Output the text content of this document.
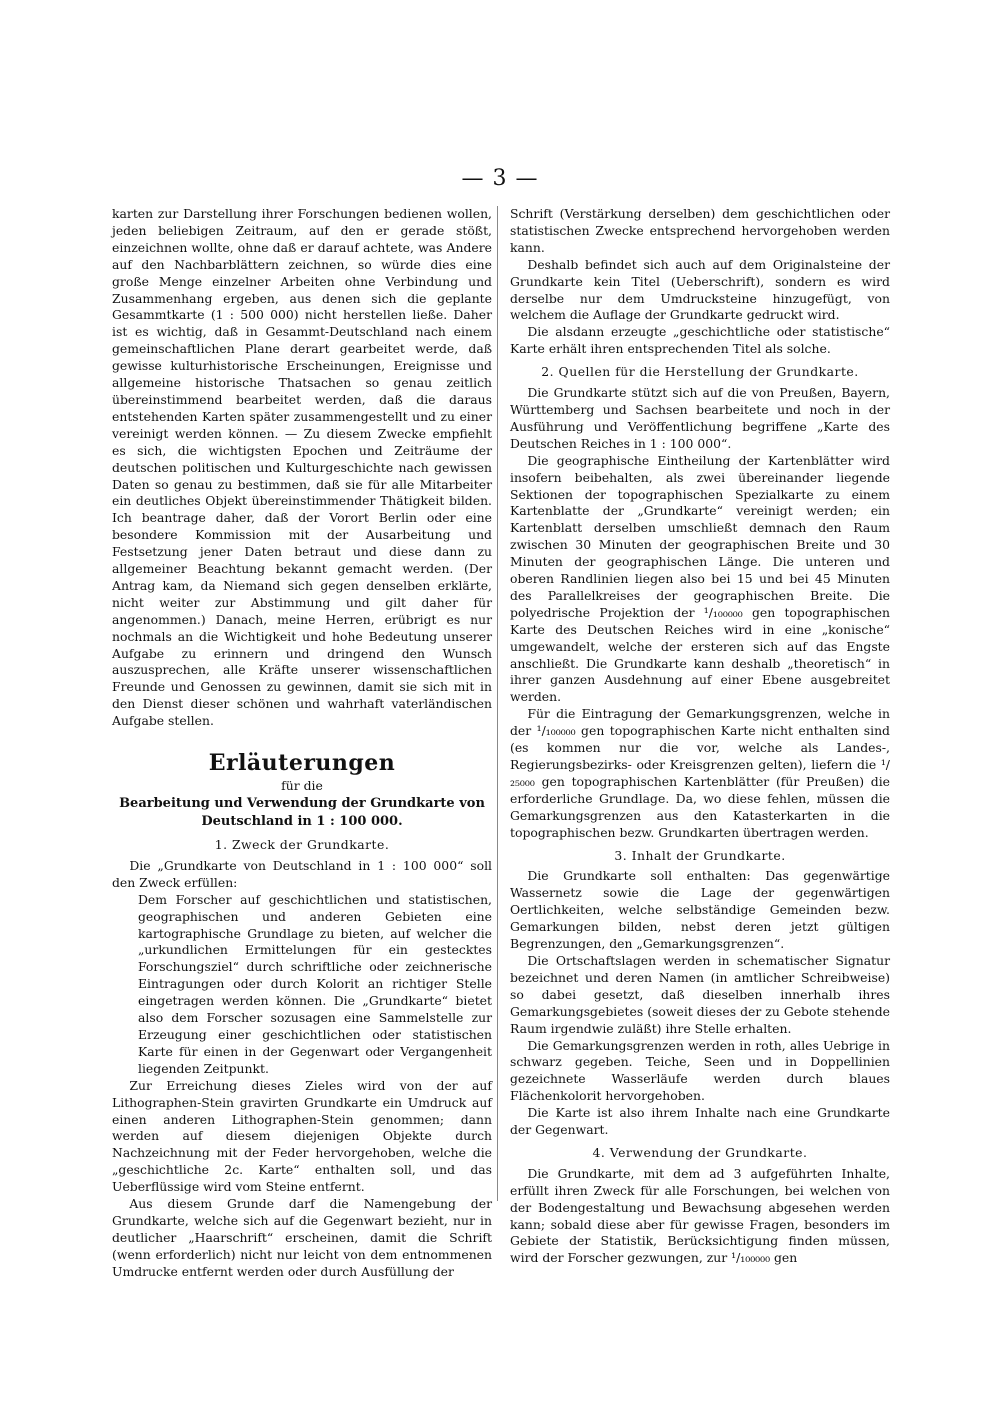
— 3 —

karten zur Darstellung ihrer Forschungen bedienen wollen, jeden beliebigen Zeitraum, auf den er gerade stößt, einzeichnen wollte, ohne daß er darauf achtete, was Andere auf den Nachbarblättern zeichnen, so würde dies eine große Menge einzelner Arbeiten ohne Verbindung und Zusammenhang ergeben, aus denen sich die geplante Gesammtkarte (1 : 500 000) nicht herstellen ließe. Daher ist es wichtig, daß in Gesammt-Deutschland nach einem gemeinschaftlichen Plane derart gearbeitet werde, daß gewisse kulturhistorische Erscheinungen, Ereignisse und allgemeine historische Thatsachen so genau zeitlich übereinstimmend bearbeitet werden, daß die daraus entstehenden Karten später zusammengestellt und zu einer vereinigt werden können. — Zu diesem Zwecke empfiehlt es sich, die wichtigsten Epochen und Zeiträume der deutschen politischen und Kulturgeschichte nach gewissen Daten so genau zu bestimmen, daß sie für alle Mitarbeiter ein deutliches Objekt übereinstimmender Thätigkeit bilden. Ich beantrage daher, daß der Vorort Berlin oder eine besondere Kommission mit der Ausarbeitung und Festsetzung jener Daten betraut und diese dann zu allgemeiner Beachtung bekannt gemacht werden. (Der Antrag kam, da Niemand sich gegen denselben erklärte, nicht weiter zur Abstimmung und gilt daher für angenommen.) Danach, meine Herren, erübrigt es nur nochmals an die Wichtigkeit und hohe Bedeutung unserer Aufgabe zu erinnern und dringend den Wunsch auszusprechen, alle Kräfte unserer wissenschaftlichen Freunde und Genossen zu gewinnen, damit sie sich mit in den Dienst dieser schönen und wahrhaft vaterländischen Aufgabe stellen.

Erläuterungen
für die
Bearbeitung und Verwendung der Grundkarte von
Deutschland in 1 : 100 000.
1. Zweck der Grundkarte.

Die „Grundkarte von Deutschland in 1 : 100 000“ soll den Zweck erfüllen:

Dem Forscher auf geschichtlichen und statistischen, geographischen und anderen Gebieten eine kartographische Grundlage zu bieten, auf welcher die „urkundlichen Ermittelungen für ein gestecktes Forschungsziel“ durch schriftliche oder zeichnerische Eintragungen oder durch Kolorit an richtiger Stelle eingetragen werden können. Die „Grundkarte“ bietet also dem Forscher sozusagen eine Sammelstelle zur Erzeugung einer geschichtlichen oder statistischen Karte für einen in der Gegenwart oder Vergangenheit liegenden Zeitpunkt.

Zur Erreichung dieses Zieles wird von der auf Lithographen-Stein gravirten Grundkarte ein Umdruck auf einen anderen Lithographen-Stein genommen; dann werden auf diesem diejenigen Objekte durch Nachzeichnung mit der Feder hervorgehoben, welche die „geschichtliche 2c. Karte“ enthalten soll, und das Ueberflüssige wird vom Steine entfernt.

Aus diesem Grunde darf die Namengebung der Grundkarte, welche sich auf die Gegenwart bezieht, nur in deutlicher „Haarschrift“ erscheinen, damit die Schrift (wenn erforderlich) nicht nur leicht von dem entnommenen Umdrucke entfernt werden oder durch Ausfüllung der

Schrift (Verstärkung derselben) dem geschichtlichen oder statistischen Zwecke entsprechend hervorgehoben werden kann.

Deshalb befindet sich auch auf dem Originalsteine der Grundkarte kein Titel (Ueberschrift), sondern es wird derselbe nur dem Umdrucksteine hinzugefügt, von welchem die Auflage der Grundkarte gedruckt wird.

Die alsdann erzeugte „geschichtliche oder statistische“ Karte erhält ihren entsprechenden Titel als solche.

2. Quellen für die Herstellung der Grundkarte.

Die Grundkarte stützt sich auf die von Preußen, Bayern, Württemberg und Sachsen bearbeitete und noch in der Ausführung und Veröffentlichung begriffene „Karte des Deutschen Reiches in 1 : 100 000“.

Die geographische Eintheilung der Kartenblätter wird insofern beibehalten, als zwei übereinander liegende Sektionen der topographischen Spezialkarte zu einem Kartenblatte der „Grundkarte“ vereinigt werden; ein Kartenblatt derselben umschließt demnach den Raum zwischen 30 Minuten der geographischen Breite und 30 Minuten der geographischen Länge. Die unteren und oberen Randlinien liegen also bei 15 und bei 45 Minuten des Parallelkreises der geographischen Breite. Die polyedrische Projektion der ¹/₁₀₀₀₀₀ gen topographischen Karte des Deutschen Reiches wird in eine „konische“ umgewandelt, welche der ersteren sich auf das Engste anschließt. Die Grundkarte kann deshalb „theoretisch“ in ihrer ganzen Ausdehnung auf einer Ebene ausgebreitet werden.

Für die Eintragung der Gemarkungsgrenzen, welche in der ¹/₁₀₀₀₀₀ gen topographischen Karte nicht enthalten sind (es kommen nur die vor, welche als Landes-, Regierungsbezirks- oder Kreisgrenzen gelten), liefern die ¹/₂₅₀₀₀ gen topographischen Kartenblätter (für Preußen) die erforderliche Grundlage. Da, wo diese fehlen, müssen die Gemarkungsgrenzen aus den Katasterkarten in die topographischen bezw. Grundkarten übertragen werden.

3. Inhalt der Grundkarte.

Die Grundkarte soll enthalten: Das gegenwärtige Wassernetz sowie die Lage der gegenwärtigen Oertlichkeiten, welche selbständige Gemeinden bezw. Gemarkungen bilden, nebst deren jetzt gültigen Begrenzungen, den „Gemarkungsgrenzen“.

Die Ortschaftslagen werden in schematischer Signatur bezeichnet und deren Namen (in amtlicher Schreibweise) so dabei gesetzt, daß dieselben innerhalb ihres Gemarkungsgebietes (soweit dieses der zu Gebote stehende Raum irgendwie zuläßt) ihre Stelle erhalten.

Die Gemarkungsgrenzen werden in roth, alles Uebrige in schwarz gegeben. Teiche, Seen und in Doppellinien gezeichnete Wasserläufe werden durch blaues Flächenkolorit hervorgehoben.

Die Karte ist also ihrem Inhalte nach eine Grundkarte der Gegenwart.

4. Verwendung der Grundkarte.

Die Grundkarte, mit dem ad 3 aufgeführten Inhalte, erfüllt ihren Zweck für alle Forschungen, bei welchen von der Bodengestaltung und Bewachsung abgesehen werden kann; sobald diese aber für gewisse Fragen, besonders im Gebiete der Statistik, Berücksichtigung finden müssen, wird der Forscher gezwungen, zur ¹/₁₀₀₀₀₀ gen
